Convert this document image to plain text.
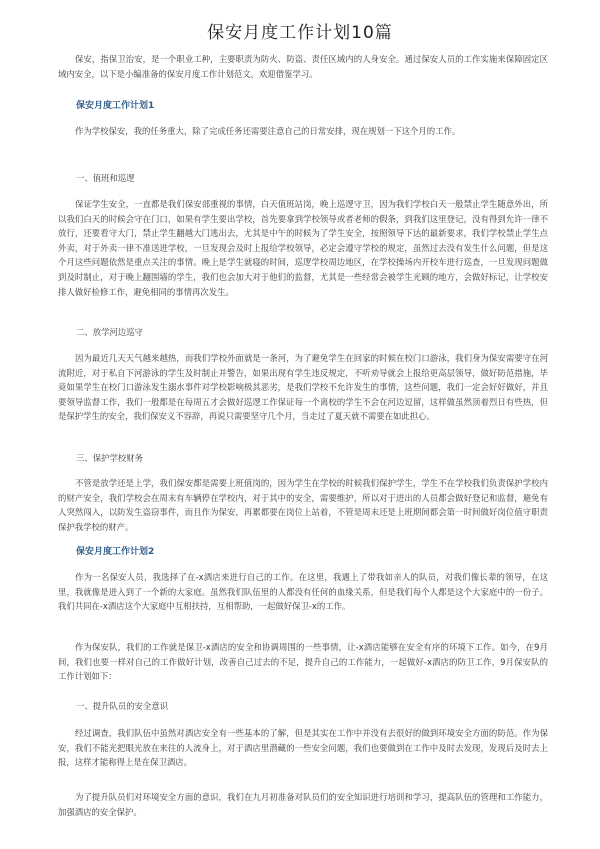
保安月度工作计划10篇
保安，指保卫治安，是一个职业工种，主要职责为防火、防盗、责任区域内的人身安全。通过保安人员的工作实施来保障固定区域内安全，以下是小编准备的保安月度工作计划范文，欢迎借鉴学习。
保安月度工作计划1
作为学校保安，我的任务重大，除了完成任务还需要注意自己的日常安排，现在规划一下这个月的工作。
一、值班和巡逻
保证学生安全，一直都是我们保安部重视的事情，白天值班站岗，晚上巡逻守卫，因为我们学校白天一般禁止学生随意外出，所以我们白天的时候会守在门口，如果有学生要出学校，首先要拿到学校领导或者老师的假条，到我们这里登记，没有得到允许一律不放行，还要看守大门，禁止学生翻越大门逃出去，尤其是中午的时候为了学生安全，按照领导下达的最新要求，我们学校禁止学生点外卖，对于外卖一律不准送进学校，一旦发现会及时上报给学校领导，必定会遵守学校的规定，虽然过去没有发生什么问题，但是这个月这些问题依然是重点关注的事情。晚上是学生就寝的时间，巡逻学校周边地区，在学校操场内开校车进行巡查，一旦发现问题做到及时制止，对于晚上翻围墙的学生，我们也会加大对于他们的监督，尤其是一些经常会被学生光顾的地方，会做好标记，让学校安排人做好检修工作，避免相同的事情再次发生。
二、放学河边巡守
因为最近几天天气越来越热，而我们学校外面就是一条河，为了避免学生在回家的时候在校门口游泳，我们身为保安需要守在河流附近，对于私自下河游泳的学生及时制止并警告，如果出现有学生违反规定，不听劝导就会上报给更高层领导，做好防范措施，毕竟如果学生在校门口游泳发生溺水事件对学校影响极其恶劣，是我们学校不允许发生的事情，这些问题，我们一定会好好做好，并且要领导监督工作，我们一般都是在每周五才会做好巡逻工作保证每一个离校的学生不会在河边逗留，这样做虽然顶着烈日有些热，但是保护学生的安全，我们保安义不容辞，再说只需要坚守几个月，当走过了夏天就不需要在如此担心。
三、保护学校财务
不管是放学还是上学，我们保安都是需要上班值岗的，因为学生在学校的时候我们保护学生，学生不在学校我们负责保护学校内的财产安全，我们学校会在周末有车辆停在学校内，对于其中的安全，需要维护，所以对于进出的人员都会做好登记和监督，避免有人突然闯入，以防发生盗窃事件，而且作为保安，再累都要在岗位上站着，不管是周末还是上班期间都会第一时间做好岗位值守职责保护我学校的财产。
保安月度工作计划2
作为一名保安人员，我选择了在-x酒店来进行自己的工作。在这里，我遇上了带我如亲人的队员，对我们像长辈的领导，在这里，我就像是进入到了一个新的大家庭。虽然我们队伍里的人都没有任何的血缘关系，但是我们每个人都是这个大家庭中的一份子。我们共同在-x酒店这个大家庭中互相扶持，互相帮助，一起做好保卫-x的工作。
作为保安队，我们的工作就是保卫-x酒店的安全和协调周围的一些事情，让-x酒店能够在安全有序的环境下工作。如今，在9月间，我们也要一样对自己的工作做好计划，改善自己过去的不足，提升自己的工作能力，一起做好-x酒店的防卫工作，9月保安队的工作计划如下：
一、提升队员的安全意识
经过调查，我们队伍中虽然对酒店安全有一些基本的了解，但是其实在工作中并没有去很好的做到环境安全方面的防范。作为保安，我们不能光把眼光放在来往的人流身上，对于酒店里潜藏的一些安全问题，我们也要做到在工作中及时去发现，发现后及时去上报，这样才能称得上是在保卫酒店。
为了提升队员们对环境安全方面的意识，我们在九月初准备对队员们的安全知识进行培训和学习，提高队伍的管理和工作能力，加强酒店的安全保护。
